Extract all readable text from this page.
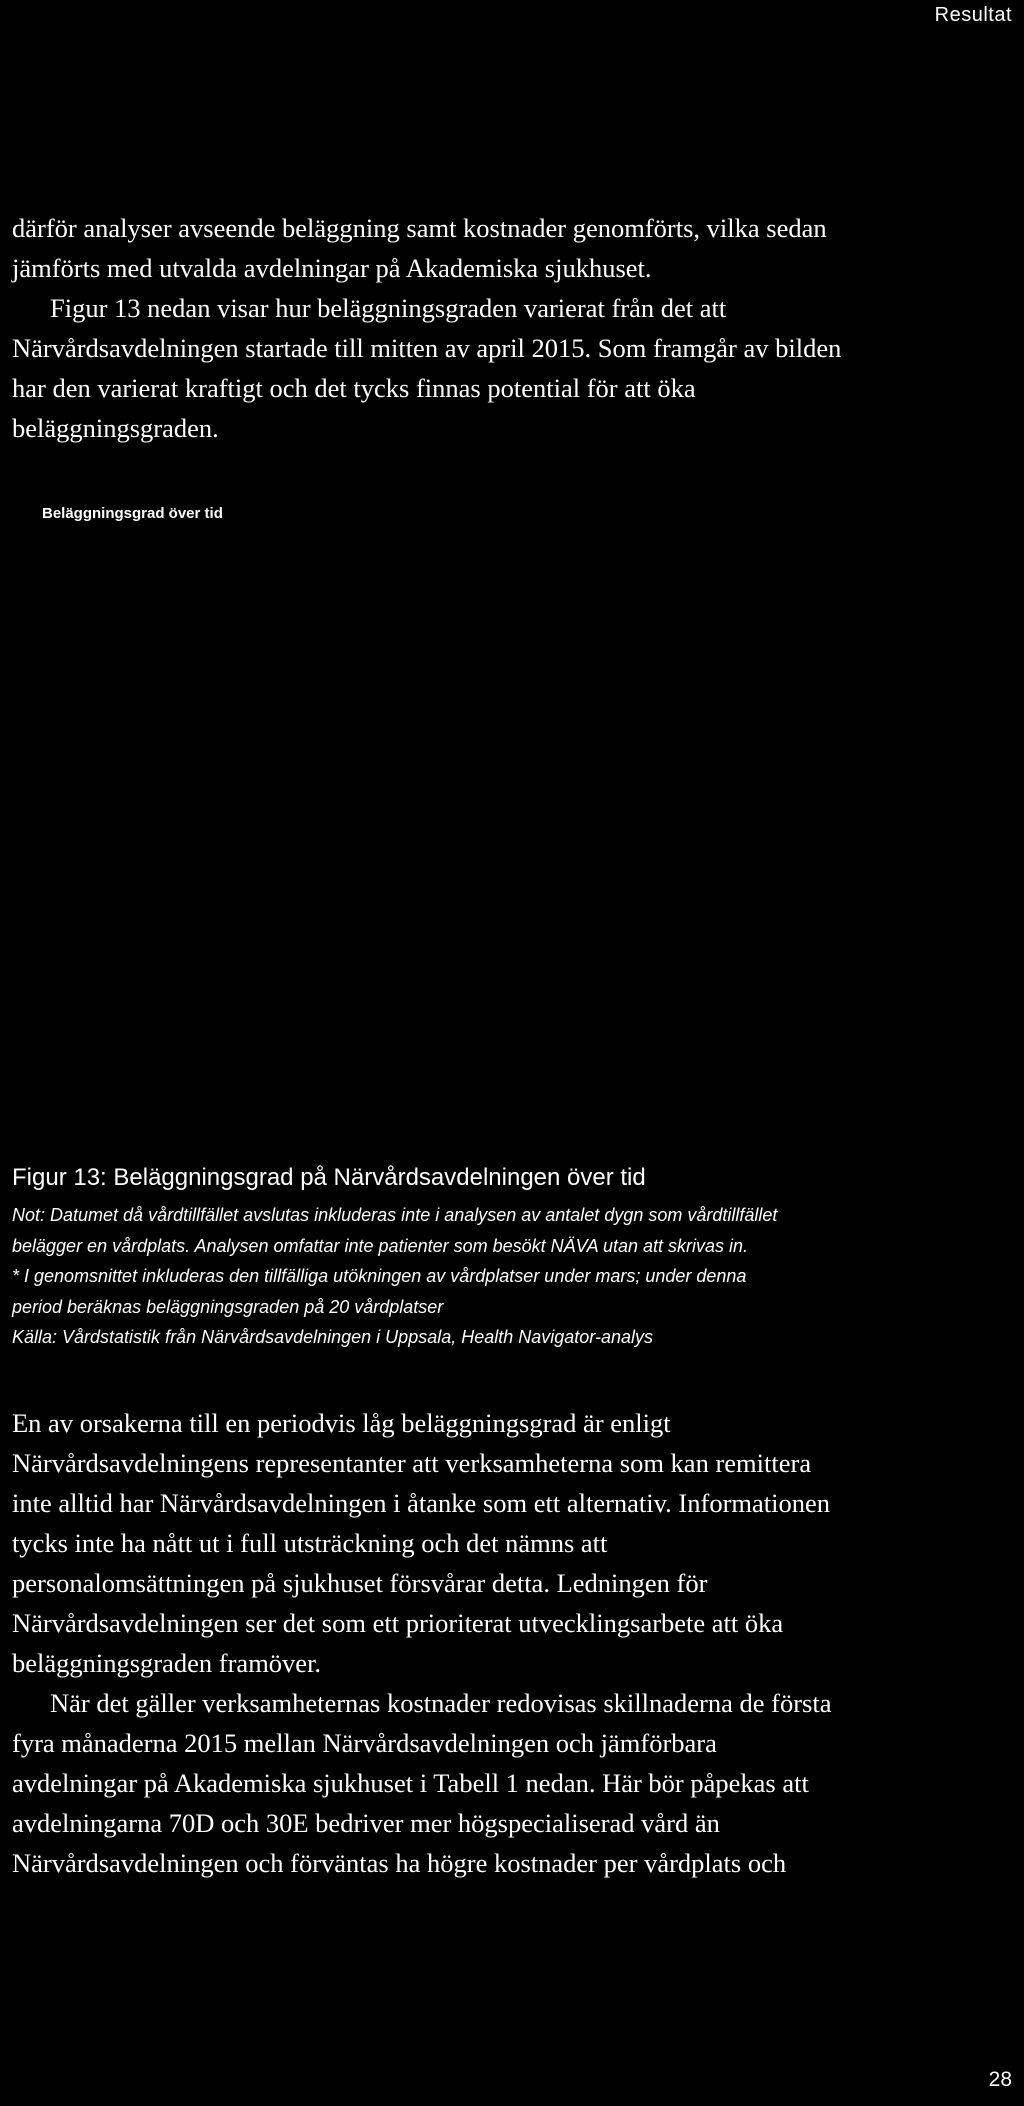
Resultat

därför analyser avseende beläggning samt kostnader genomförts, vilka sedan

jämförts med utvalda avdelningar på Akademiska sjukhuset.

Figur 13 nedan visar hur beläggningsgraden varierat från det att

Närvårdsavdelningen startade till mitten av april 2015. Som framgår av bilden

har den varierat kraftigt och det tycks finnas potential för att öka

beläggningsgraden.

Beläggningsgrad över tid

Figur 13: Beläggningsgrad på Närvårdsavdelningen över tid

Not: Datumet då vårdtillfället avslutas inkluderas inte i analysen av antalet dygn som vårdtillfället

belägger en vårdplats. Analysen omfattar inte patienter som besökt NÄVA utan att skrivas in.

* I genomsnittet inkluderas den tillfälliga utökningen av vårdplatser under mars; under denna

period beräknas beläggningsgraden på 20 vårdplatser

Källa: Vårdstatistik från Närvårdsavdelningen i Uppsala, Health Navigator-analys

En av orsakerna till en periodvis låg beläggningsgrad är enligt

Närvårdsavdelningens representanter att verksamheterna som kan remittera

inte alltid har Närvårdsavdelningen i åtanke som ett alternativ. Informationen

tycks inte ha nått ut i full utsträckning och det nämns att

personalomsättningen på sjukhuset försvårar detta. Ledningen för

Närvårdsavdelningen ser det som ett prioriterat utvecklingsarbete att öka

beläggningsgraden framöver.

När det gäller verksamheternas kostnader redovisas skillnaderna de första

fyra månaderna 2015 mellan Närvårdsavdelningen och jämförbara

avdelningar på Akademiska sjukhuset i Tabell 1 nedan. Här bör påpekas att

avdelningarna 70D och 30E bedriver mer högspecialiserad vård än

Närvårdsavdelningen och förväntas ha högre kostnader per vårdplats och

28
